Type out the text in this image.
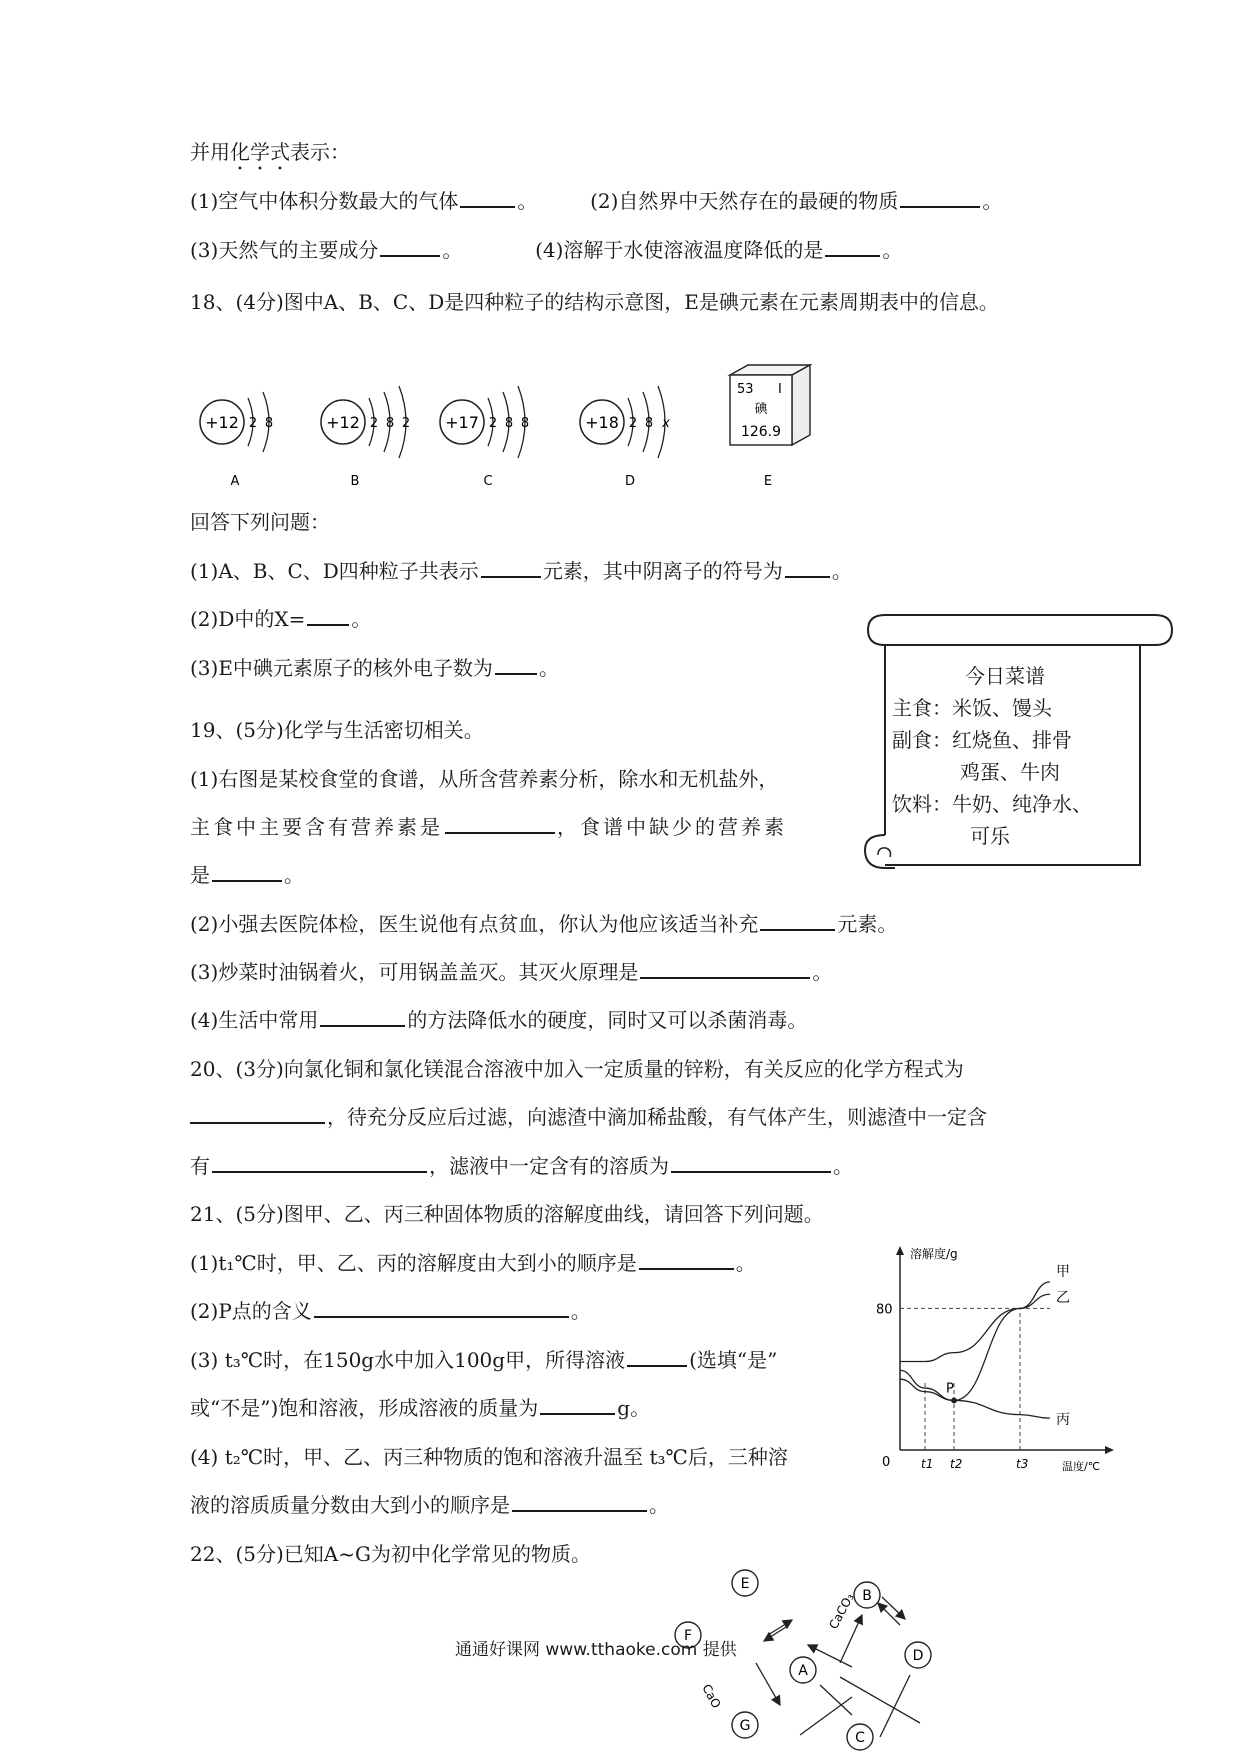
并用化学式表示：
(1)空气中体积分数最大的气体	。	(2)自然界中天然存在的最硬的物质	。
(3)天然气的主要成分	。	(4)溶解于水使溶液温度降低的是	。
18、(4分)图中A、B、C、D是四种粒子的结构示意图，E是碘元素在元素周期表中的信息。
+12 2 8
A
+12 2 8 2
B
+17 2 8 8
C
+18 2 8 x
D
53 I
碘
126.9
E
回答下列问题：
(1)A、B、C、D四种粒子共表示	元素，其中阴离子的符号为 。
(2)D中的X= 。
(3)E中碘元素原子的核外电子数为 。	今日菜谱
主食：米饭、馒头
副食：红烧鱼、排骨
鸡蛋、牛肉
饮料：牛奶、纯净水、
可乐
19、(5分)化学与生活密切相关。
(1)右图是某校食堂的食谱，从所含营养素分析，除水和无机盐外，
主食中主要含有营养素是	，食谱中缺少的营养素
是	。
(2)小强去医院体检，医生说他有点贫血，你认为他应该适当补充	元素。
(3)炒菜时油锅着火，可用锅盖盖灭。其灭火原理是	。
(4)生活中常用	的方法降低水的硬度，同时又可以杀菌消毒。
20、(3分)向氯化铜和氯化镁混合溶液中加入一定质量的锌粉，有关反应的化学方程式为
，待充分反应后过滤，向滤渣中滴加稀盐酸，有气体产生，则滤渣中一定含
有	，滤液中一定含有的溶质为	。
21、(5分)图甲、乙、丙三种固体物质的溶解度曲线，请回答下列问题。
(1)t₁℃时，甲、乙、丙的溶解度由大到小的顺序是	。
(2)P点的含义	。
(3) t₃℃时，在150g水中加入100g甲，所得溶液	(选填“是”
或“不是”)饱和溶液，形成溶液的质量为	g。
(4) t₂℃时，甲、乙、丙三种物质的饱和溶液升温至 t₃℃后，三种溶
液的溶质质量分数由大到小的顺序是	。
溶解度/g
温度/℃
0
80
t1 t2	t3
甲
乙
丙
P
22、(5分)已知A~G为初中化学常见的物质。
A
B
C
D
E
F
G
CaCO₃
CaO
通通好课网 www.tthaoke.com 提供
